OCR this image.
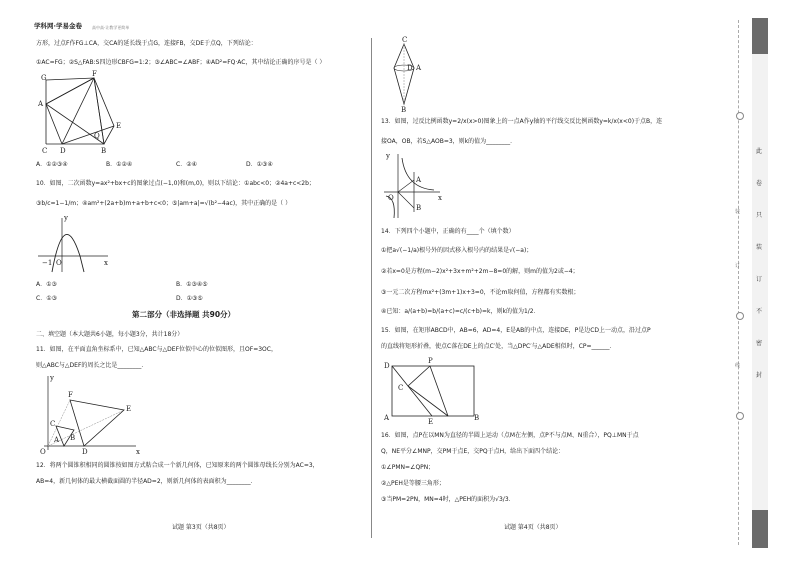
学科网·学易金卷	高中高·让教学更简单
方形，过点F作FG⊥CA，交CA的延长线于点G，连接FB，交DE于点Q，下列结论：
①AC=FG；②S△FAB:S四边形CBFG=1:2；③∠ABC=∠ABF；④AD²=FQ·AC，其中结论正确的序号是（ ）
G	F
A
E
Q
C D	B
A．①②③④	B．①②④	C．②④	D．①③④
10．如图，二次函数y=ax²+bx+c的图象过点(−1,0)和(m,0)，则以下结论：①abc<0；②4a+c<2b；
③b/c=1−1/m；④am²+(2a+b)m+a+b+c<0；⑤|am+a|=√(b²−4ac)，其中正确的是（ ）
y
−1 O	x
A．①③	B．①③④⑤
C．①③	D．①③⑤
第二部分（非选择题 共90分）
二、填空题（本大题共6小题，每小题3分，共计18分）
11．如图，在平面直角坐标系中，已知△ABC与△DEF位似中心的位似图形，且OF=3OC，
则△ABC与△DEF的周长之比是________．
y
F
E
C
O
A B
D	x
12．将两个圆锥积相同的圆锥按如图方式粘合成一个新几何体，已知原来的两个圆锥母线长分别为AC=3，
AB=4，新几何体的最大横截面圆的半径AD=2，则新几何体的表面积为________．
试题 第3页（共8页）
C
D A
B
13．如图，过反比例函数y=2/x(x>0)图象上的一点A作y轴的平行线交反比例函数y=k/x(x<0)于点B，连
接OA，OB，若S△AOB=3，则k的值为________．
y
A
O
B
x
14．下列四个小题中，正确的有____个（填个数）
①把a√(−1/a)根号外的因式移入根号内的结果是√(−a)；
②若x=0是方程(m−2)x²+3x+m²+2m−8=0的解，则m的值为2或−4；
③一元二次方程mx²+(3m+1)x+3=0，不论m取何值，方程都有实数根；
④已知：a/(a+b)=b/(a+c)=c/(c+b)=k，则k的值为1/2．
15．如图，在矩形ABCD中，AB=6，AD=4，E是AB的中点，连接DE，P是边CD上一动点，沿过点P
的直线将矩形折叠，使点C落在DE上的点C′处，当△DPC′与△ADE相似时，CP=______．
D
P
C
A	E	B
16．如图，点P在以MN为直径的半圆上运动（点M在左侧，点P不与点M、N重合），PQ⊥MN于点
Q，NE平分∠MNP，交PM于点E，交PQ于点H，给出下面四个结论：
①∠PMN=∠QPN；
②△PEH是等腰三角形；
③当PM=2PN，MN=4时，△PEH的面积为√3/3．
试题 第4页（共8页）
装
订
线
此
卷
只
装
订
不
密
封
